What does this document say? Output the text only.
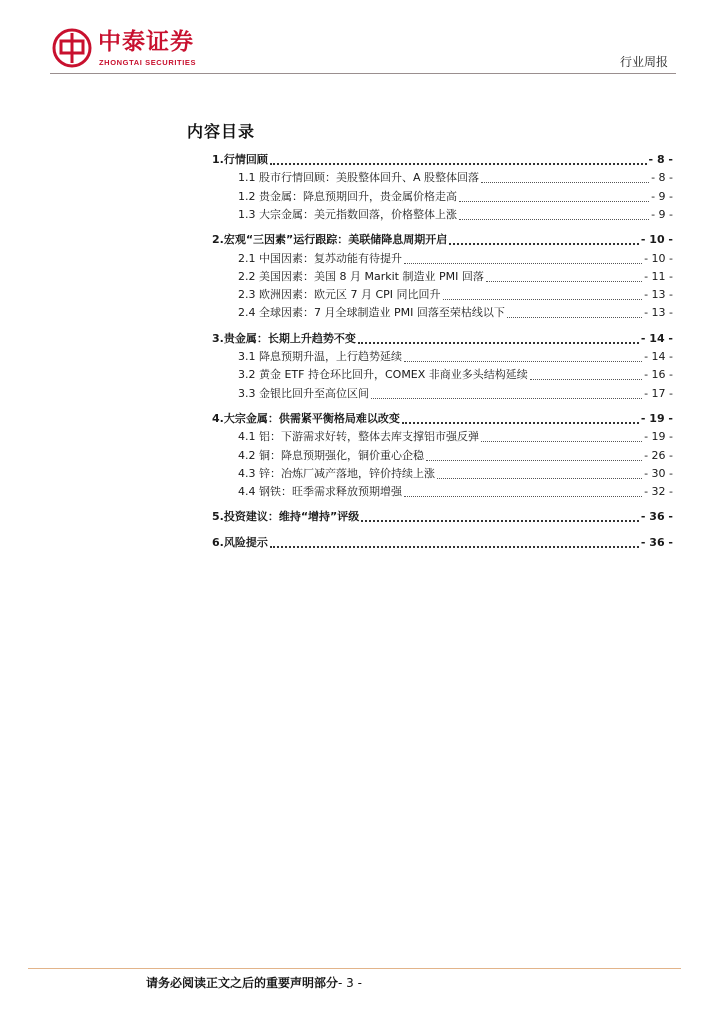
中泰证券
ZHONGTAI SECURITIES	行业周报
内容目录
1.行情回顾	- 8 -
1.1 股市行情回顾：美股整体回升、A 股整体回落	- 8 -
1.2 贵金属：降息预期回升，贵金属价格走高	- 9 -
1.3 大宗金属：美元指数回落，价格整体上涨	- 9 -
2.宏观“三因素”运行跟踪：美联储降息周期开启	- 10 -
2.1 中国因素：复苏动能有待提升	- 10 -
2.2 美国因素：美国 8 月 Markit 制造业 PMI 回落	- 11 -
2.3 欧洲因素：欧元区 7 月 CPI 同比回升	- 13 -
2.4 全球因素：7 月全球制造业 PMI 回落至荣枯线以下	- 13 -
3.贵金属：长期上升趋势不变	- 14 -
3.1 降息预期升温，上行趋势延续	- 14 -
3.2 黄金 ETF 持仓环比回升，COMEX 非商业多头结构延续	- 16 -
3.3 金银比回升至高位区间	- 17 -
4.大宗金属：供需紧平衡格局难以改变	- 19 -
4.1 铝：下游需求好转，整体去库支撑铝市强反弹	- 19 -
4.2 铜：降息预期强化，铜价重心企稳	- 26 -
4.3 锌：冶炼厂减产落地，锌价持续上涨	- 30 -
4.4 钢铁：旺季需求释放预期增强	- 32 -
5.投资建议：维持“增持”评级	- 36 -
6.风险提示	- 36 -
请务必阅读正文之后的重要声明部分- 3 -
